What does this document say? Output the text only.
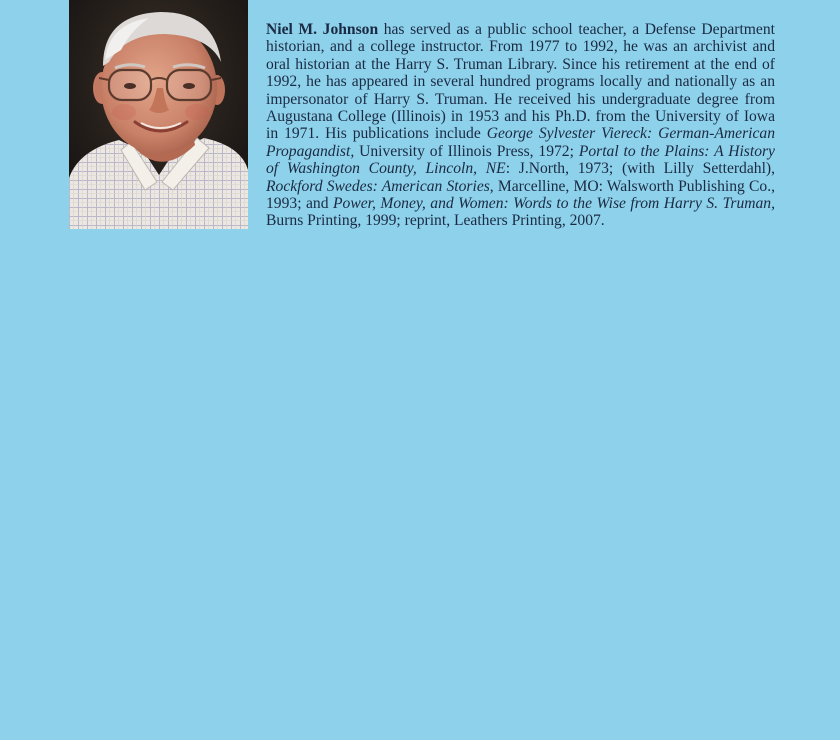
Niel M. Johnson has served as a public school teacher, a Defense Department historian, and a college instructor. From 1977 to 1992, he was an archivist and oral historian at the Harry S. Truman Library. Since his retirement at the end of 1992, he has appeared in several hundred programs locally and nationally as an impersonator of Harry S. Truman. He received his undergraduate degree from Augustana College (Illinois) in 1953 and his Ph.D. from the University of Iowa in 1971. His publications include George Sylvester Viereck: German-American Propagandist, University of Illinois Press, 1972; Portal to the Plains: A History of Washington County, Lincoln, NE: J.North, 1973; (with Lilly Setterdahl), Rockford Swedes: American Stories, Marcelline, MO: Walsworth Publishing Co., 1993; and Power, Money, and Women: Words to the Wise from Harry S. Truman, Burns Printing, 1999; reprint, Leathers Printing, 2007.
